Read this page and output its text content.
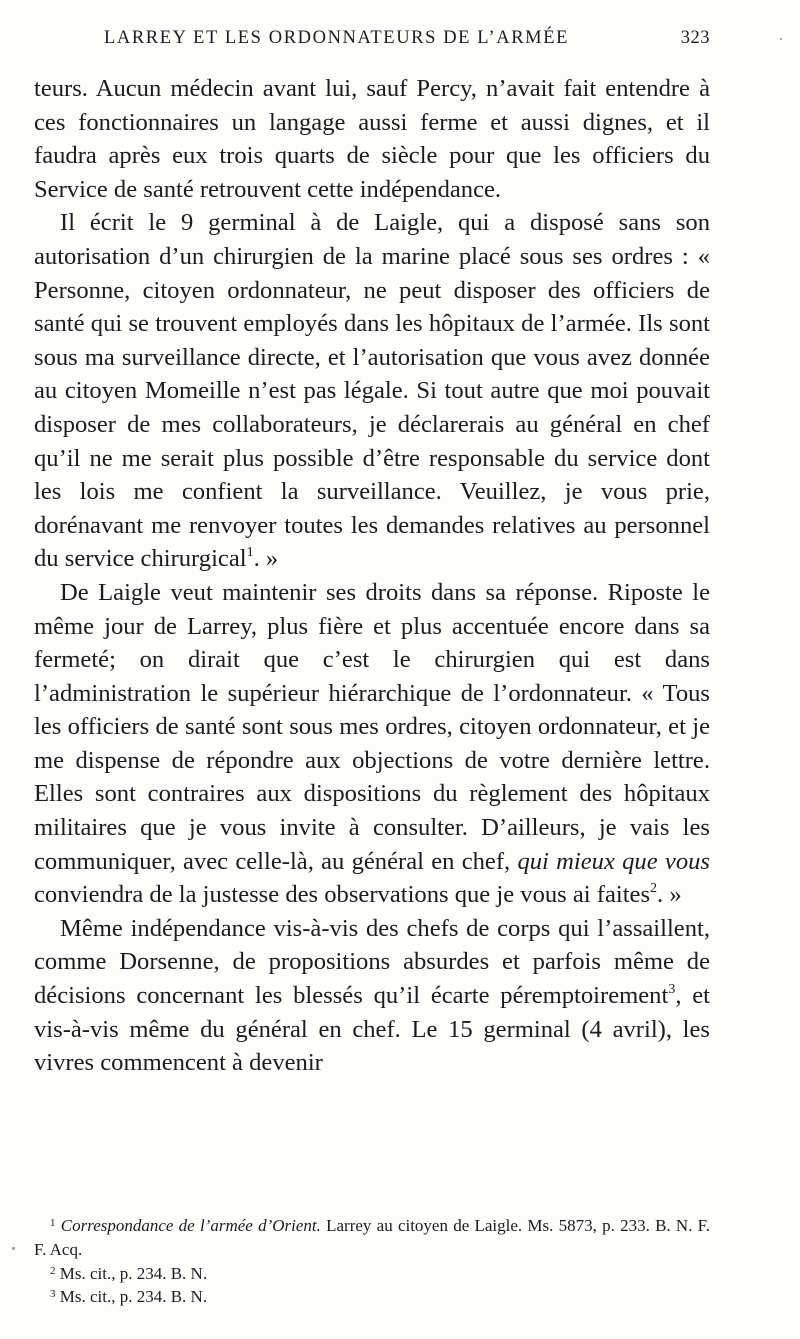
LARREY ET LES ORDONNATEURS DE L’ARMÉE	323

teurs. Aucun médecin avant lui, sauf Percy, n’avait fait entendre à ces fonctionnaires un langage aussi ferme et aussi dignes, et il faudra après eux trois quarts de siècle pour que les officiers du Service de santé retrouvent cette indépendance.

Il écrit le 9 germinal à de Laigle, qui a disposé sans son autorisation d’un chirurgien de la marine placé sous ses ordres : « Personne, citoyen ordonnateur, ne peut disposer des officiers de santé qui se trouvent employés dans les hôpitaux de l’armée. Ils sont sous ma surveillance directe, et l’autorisation que vous avez donnée au citoyen Momeille n’est pas légale. Si tout autre que moi pouvait disposer de mes collaborateurs, je déclarerais au général en chef qu’il ne me serait plus possible d’être responsable du service dont les lois me confient la surveillance. Veuillez, je vous prie, dorénavant me renvoyer toutes les demandes relatives au personnel du service chirurgical$^1$. »

De Laigle veut maintenir ses droits dans sa réponse. Riposte le même jour de Larrey, plus fière et plus accentuée encore dans sa fermeté; on dirait que c’est le chirurgien qui est dans l’administration le supérieur hiérarchique de l’ordonnateur. « Tous les officiers de santé sont sous mes ordres, citoyen ordonnateur, et je me dispense de répondre aux objections de votre dernière lettre. Elles sont contraires aux dispositions du règlement des hôpitaux militaires que je vous invite à consulter. D’ailleurs, je vais les communiquer, avec celle-là, au général en chef, qui mieux que vous conviendra de la justesse des observations que je vous ai faites$^2$. »

Même indépendance vis-à-vis des chefs de corps qui l’assaillent, comme Dorsenne, de propositions absurdes et parfois même de décisions concernant les blessés qu’il écarte péremptoirement$^3$, et vis-à-vis même du général en chef. Le 15 germinal (4 avril), les vivres commencent à devenir

$^1$ Correspondance de l’armée d’Orient. Larrey au citoyen de Laigle. Ms. 5873, p. 233. B. N. F. F. Acq.

$^2$ Ms. cit., p. 234. B. N.

$^3$ Ms. cit., p. 234. B. N.
